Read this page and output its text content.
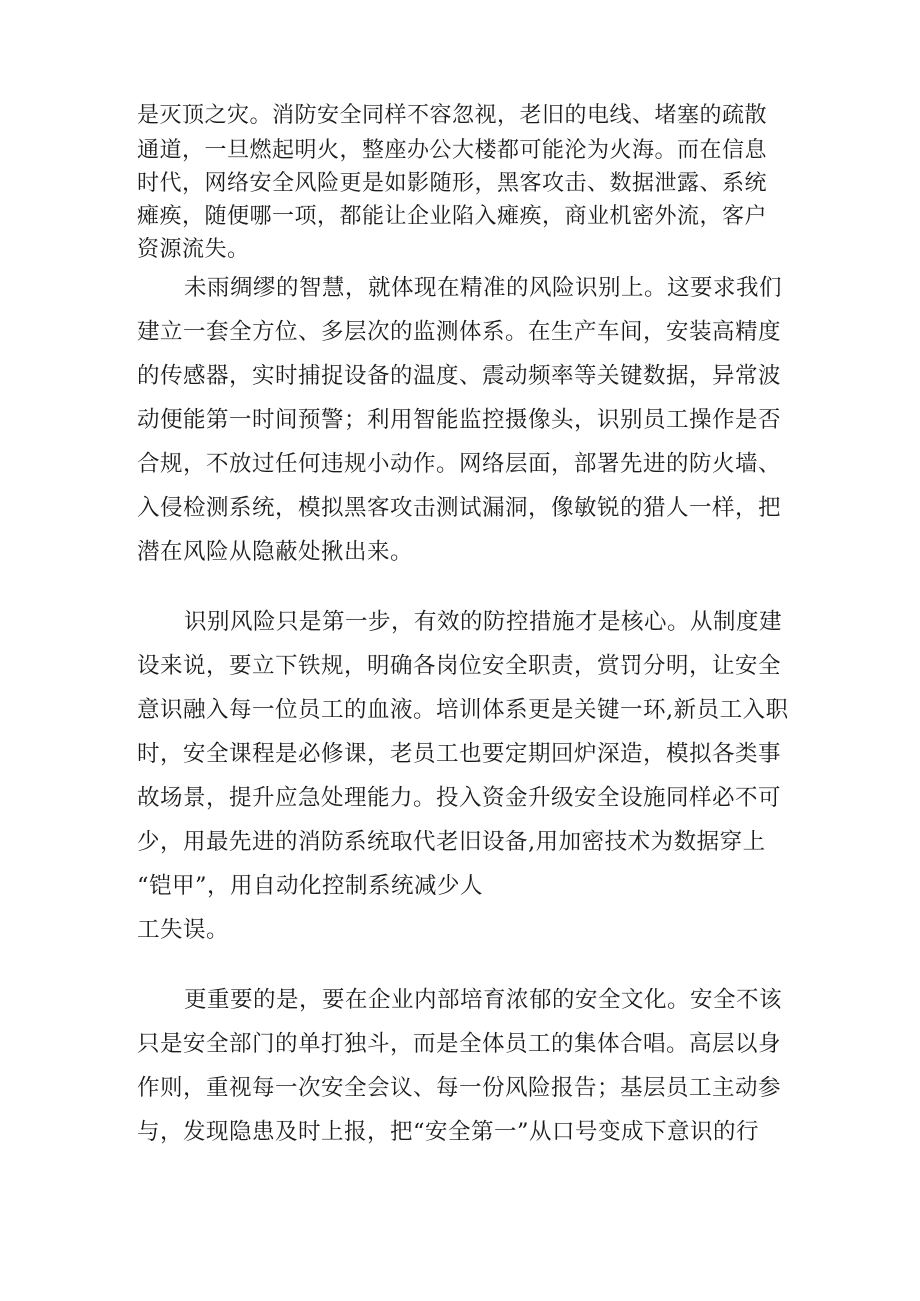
是灭顶之灾。消防安全同样不容忽视，老旧的电线、堵塞的疏散
通道，一旦燃起明火，整座办公大楼都可能沦为火海。而在信息
时代，网络安全风险更是如影随形，黑客攻击、数据泄露、系统
瘫痪，随便哪一项，都能让企业陷入瘫痪，商业机密外流，客户
资源流失。
未雨绸缪的智慧，就体现在精准的风险识别上。这要求我们
建立一套全方位、多层次的监测体系。在生产车间，安装高精度
的传感器，实时捕捉设备的温度、震动频率等关键数据，异常波
动便能第一时间预警；利用智能监控摄像头，识别员工操作是否
合规，不放过任何违规小动作。网络层面，部署先进的防火墙、
入侵检测系统，模拟黑客攻击测试漏洞，像敏锐的猎人一样，把
潜在风险从隐蔽处揪出来。
识别风险只是第一步，有效的防控措施才是核心。从制度建
设来说，要立下铁规，明确各岗位安全职责，赏罚分明，让安全
意识融入每一位员工的血液。培训体系更是关键一环,新员工入职
时，安全课程是必修课，老员工也要定期回炉深造，模拟各类事
故场景，提升应急处理能力。投入资金升级安全设施同样必不可
少，用最先进的消防系统取代老旧设备,用加密技术为数据穿上
“铠甲”，用自动化控制系统减少人
工失误。
更重要的是，要在企业内部培育浓郁的安全文化。安全不该
只是安全部门的单打独斗，而是全体员工的集体合唱。高层以身
作则，重视每一次安全会议、每一份风险报告；基层员工主动参
与，发现隐患及时上报，把“安全第一”从口号变成下意识的行
